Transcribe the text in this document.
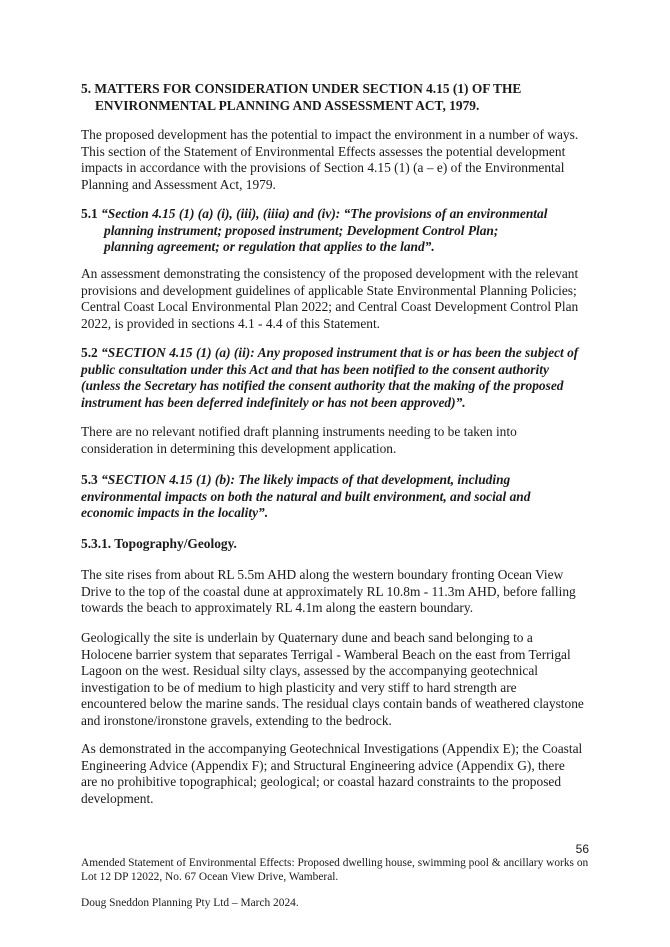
5. MATTERS FOR CONSIDERATION UNDER SECTION 4.15 (1) OF THE
ENVIRONMENTAL PLANNING AND ASSESSMENT ACT, 1979.
The proposed development has the potential to impact the environment in a number of ways.
This section of the Statement of Environmental Effects assesses the potential development
impacts in accordance with the provisions of Section 4.15 (1) (a – e) of the Environmental
Planning and Assessment Act, 1979.
5.1 “Section 4.15 (1) (a) (i), (iii), (iiia) and (iv): “The provisions of an environmental
planning instrument; proposed instrument; Development Control Plan;
planning agreement; or regulation that applies to the land”.
An assessment demonstrating the consistency of the proposed development with the relevant
provisions and development guidelines of applicable State Environmental Planning Policies;
Central Coast Local Environmental Plan 2022; and Central Coast Development Control Plan
2022, is provided in sections 4.1 - 4.4 of this Statement.
5.2 “SECTION 4.15 (1) (a) (ii): Any proposed instrument that is or has been the subject of
public consultation under this Act and that has been notified to the consent authority
(unless the Secretary has notified the consent authority that the making of the proposed
instrument has been deferred indefinitely or has not been approved)”.
There are no relevant notified draft planning instruments needing to be taken into
consideration in determining this development application.
5.3 “SECTION 4.15 (1) (b): The likely impacts of that development, including
environmental impacts on both the natural and built environment, and social and
economic impacts in the locality”.
5.3.1. Topography/Geology.
The site rises from about RL 5.5m AHD along the western boundary fronting Ocean View
Drive to the top of the coastal dune at approximately RL 10.8m - 11.3m AHD, before falling
towards the beach to approximately RL 4.1m along the eastern boundary.
Geologically the site is underlain by Quaternary dune and beach sand belonging to a
Holocene barrier system that separates Terrigal - Wamberal Beach on the east from Terrigal
Lagoon on the west. Residual silty clays, assessed by the accompanying geotechnical
investigation to be of medium to high plasticity and very stiff to hard strength are
encountered below the marine sands. The residual clays contain bands of weathered claystone
and ironstone/ironstone gravels, extending to the bedrock.
As demonstrated in the accompanying Geotechnical Investigations (Appendix E); the Coastal
Engineering Advice (Appendix F); and Structural Engineering advice (Appendix G), there
are no prohibitive topographical; geological; or coastal hazard constraints to the proposed
development.
56
Amended Statement of Environmental Effects: Proposed dwelling house, swimming pool & ancillary works on
Lot 12 DP 12022, No. 67 Ocean View Drive, Wamberal.
Doug Sneddon Planning Pty Ltd – March 2024.
